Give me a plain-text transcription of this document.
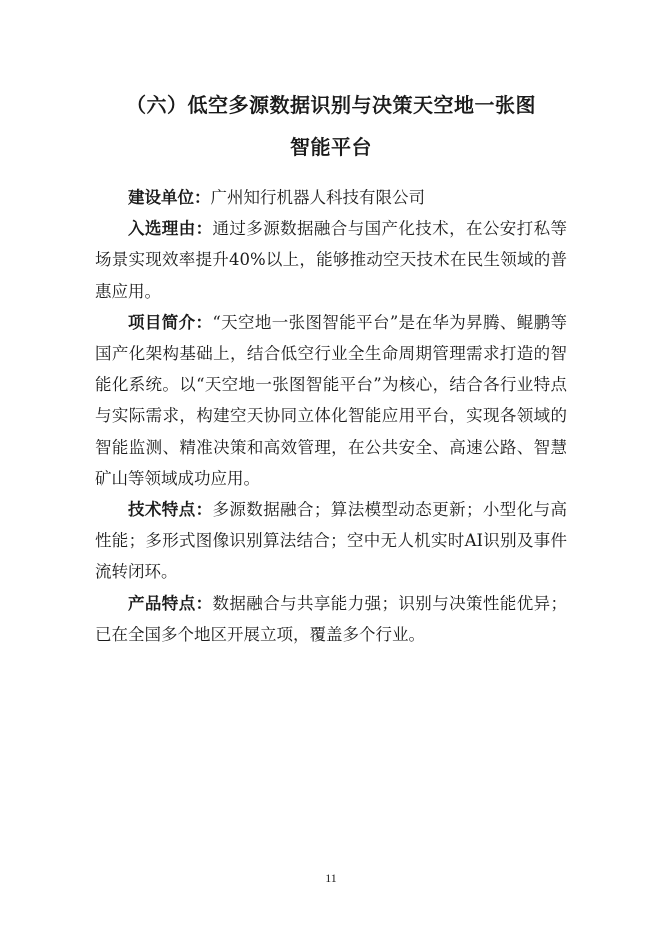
（六）低空多源数据识别与决策天空地一张图
智能平台

建设单位：广州知行机器人科技有限公司

入选理由：通过多源数据融合与国产化技术，在公安打私等场景实现效率提升40%以上，能够推动空天技术在民生领域的普惠应用。

项目简介：“天空地一张图智能平台”是在华为昇腾、鲲鹏等国产化架构基础上，结合低空行业全生命周期管理需求打造的智能化系统。以“天空地一张图智能平台”为核心，结合各行业特点与实际需求，构建空天协同立体化智能应用平台，实现各领域的智能监测、精准决策和高效管理，在公共安全、高速公路、智慧矿山等领域成功应用。

技术特点：多源数据融合；算法模型动态更新；小型化与高性能；多形式图像识别算法结合；空中无人机实时AI识别及事件流转闭环。

产品特点：数据融合与共享能力强；识别与决策性能优异；已在全国多个地区开展立项，覆盖多个行业。

11
